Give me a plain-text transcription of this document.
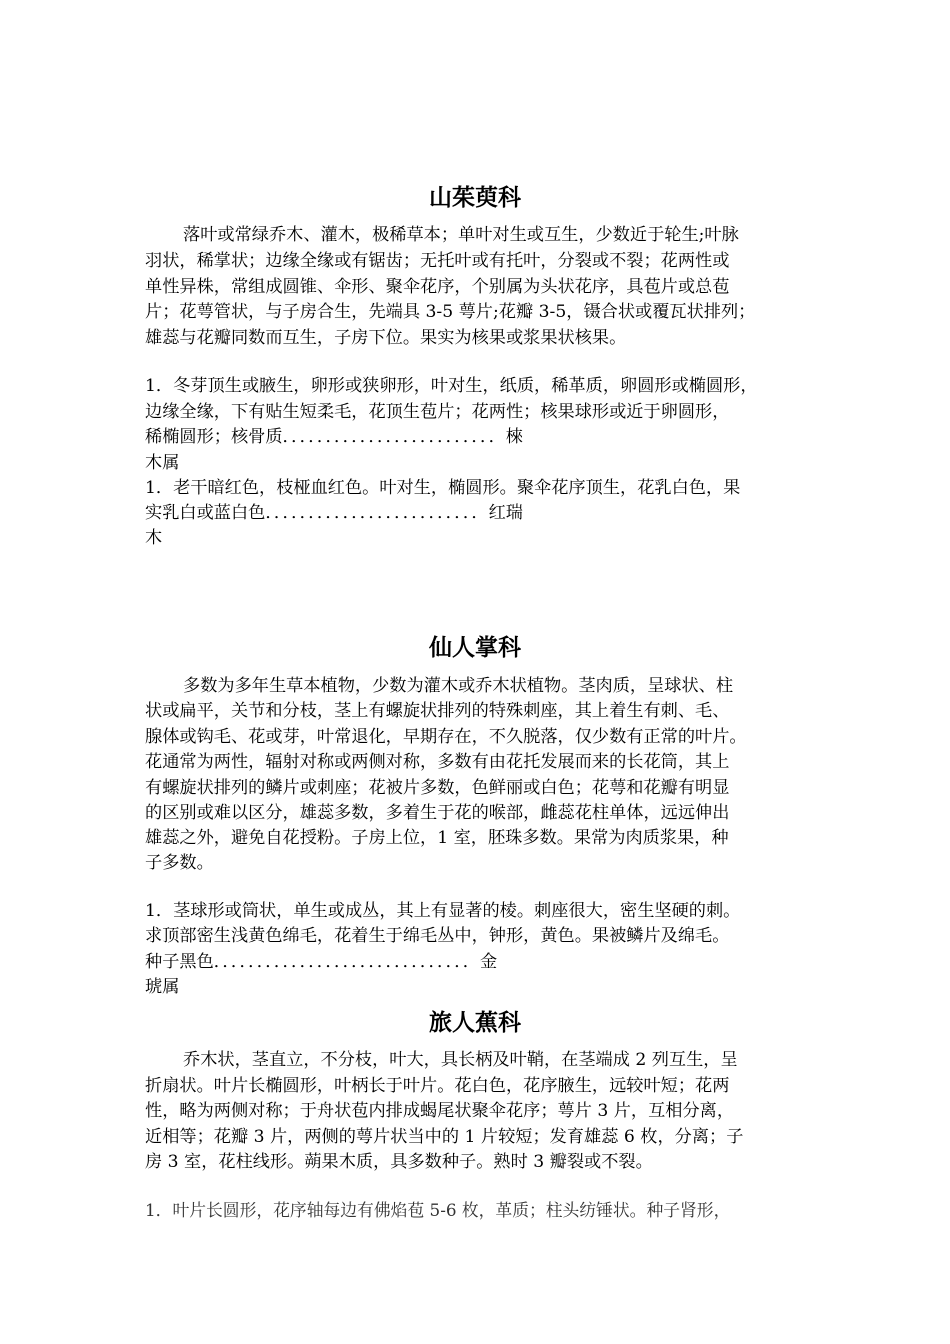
山茱萸科
落叶或常绿乔木、灌木，极稀草本；单叶对生或互生，少数近于轮生;叶脉
羽状，稀掌状；边缘全缘或有锯齿；无托叶或有托叶，分裂或不裂；花两性或
单性异株，常组成圆锥、伞形、聚伞花序，个别属为头状花序，具苞片或总苞
片；花萼管状，与子房合生，先端具 3-5 萼片;花瓣 3-5，镊合状或覆瓦状排列；
雄蕊与花瓣同数而互生，子房下位。果实为核果或浆果状核果。
1．冬芽顶生或腋生，卵形或狭卵形，叶对生，纸质，稀革质，卵圆形或椭圆形，
边缘全缘，下有贴生短柔毛，花顶生苞片；花两性；核果球形或近于卵圆形，
稀椭圆形；核骨质．．．．．．．．．．．．．．．．．．．．．．．．．棶
木属
1．老干暗红色，枝桠血红色。叶对生，椭圆形。聚伞花序顶生，花乳白色，果
实乳白或蓝白色．．．．．．．．．．．．．．．．．．．．．．．．．红瑞
木
仙人掌科
多数为多年生草本植物，少数为灌木或乔木状植物。茎肉质，呈球状、柱
状或扁平，关节和分枝，茎上有螺旋状排列的特殊刺座，其上着生有刺、毛、
腺体或钩毛、花或芽，叶常退化，早期存在，不久脱落，仅少数有正常的叶片。
花通常为两性，辐射对称或两侧对称，多数有由花托发展而来的长花筒，其上
有螺旋状排列的鳞片或刺座；花被片多数，色鲜丽或白色；花萼和花瓣有明显
的区别或难以区分，雄蕊多数，多着生于花的喉部，雌蕊花柱单体，远远伸出
雄蕊之外，避免自花授粉。子房上位，1 室，胚珠多数。果常为肉质浆果，种
子多数。
1．茎球形或筒状，单生或成丛，其上有显著的棱。刺座很大，密生坚硬的刺。
求顶部密生浅黄色绵毛，花着生于绵毛丛中，钟形，黄色。果被鳞片及绵毛。
种子黑色．．．．．．．．．．．．．．．．．．．．．．．．．．．．．．金
琥属
旅人蕉科
乔木状，茎直立，不分枝，叶大，具长柄及叶鞘，在茎端成 2 列互生，呈
折扇状。叶片长椭圆形，叶柄长于叶片。花白色，花序腋生，远较叶短；花两
性，略为两侧对称；于舟状苞内排成蝎尾状聚伞花序；萼片 3 片，互相分离，
近相等；花瓣 3 片，两侧的萼片状当中的 1 片较短；发育雄蕊 6 枚，分离；子
房 3 室，花柱线形。蒴果木质，具多数种子。熟时 3 瓣裂或不裂。
1．叶片长圆形，花序轴每边有佛焰苞 5-6 枚，革质；柱头纺锤状。种子肾形，
